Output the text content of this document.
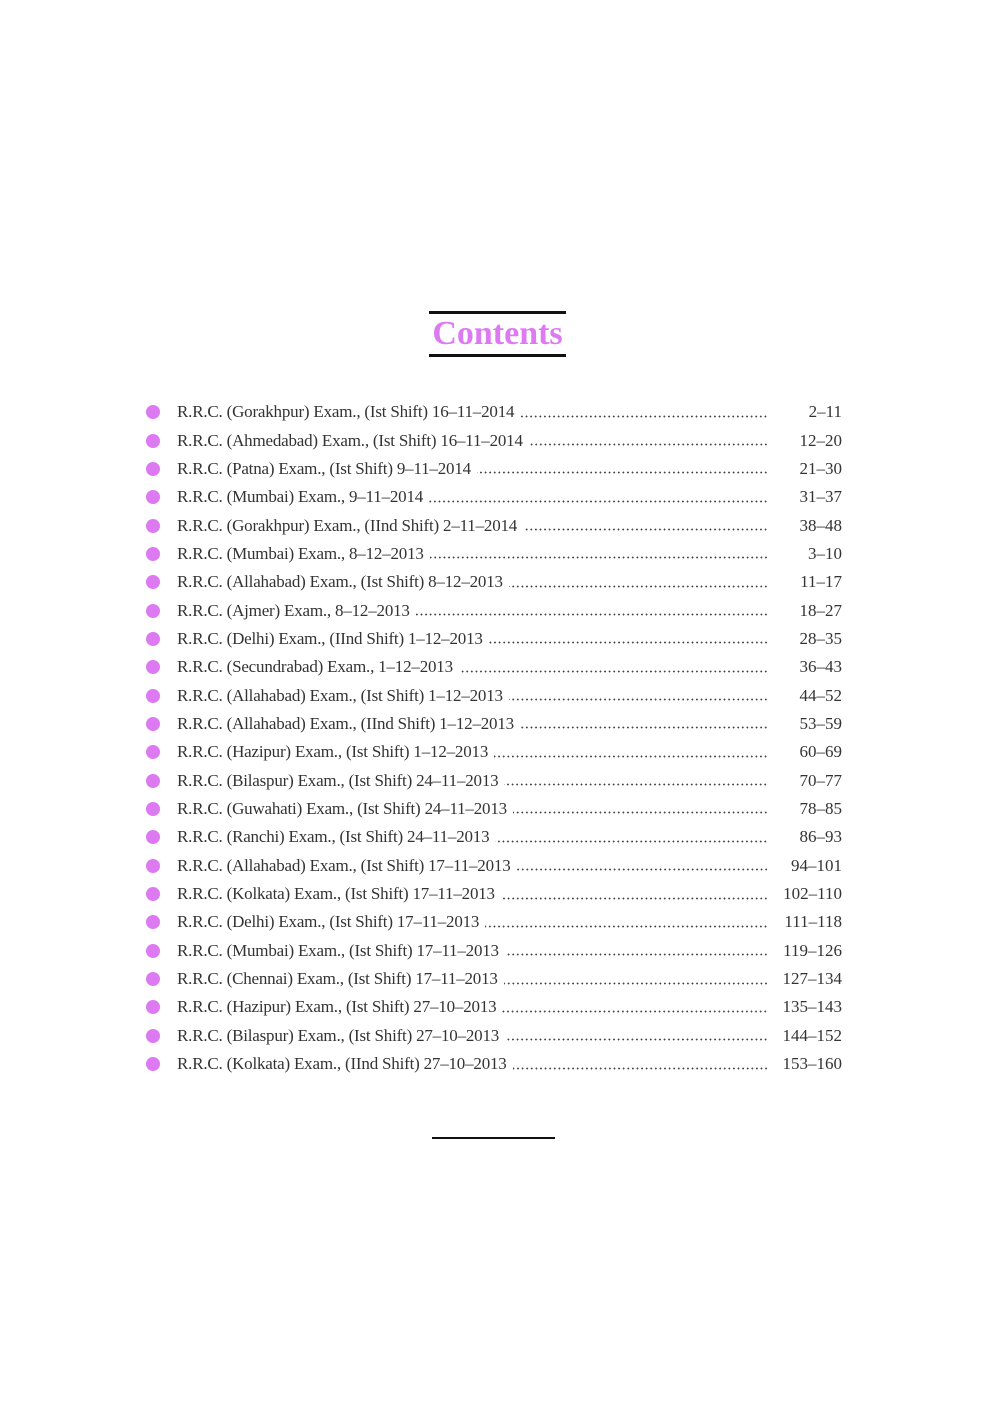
Contents
R.R.C. (Gorakhpur) Exam., (Ist Shift) 16–11–2014	2–11
R.R.C. (Ahmedabad) Exam., (Ist Shift) 16–11–2014	12–20
R.R.C. (Patna) Exam., (Ist Shift) 9–11–2014	21–30
R.R.C. (Mumbai) Exam., 9–11–2014	31–37
R.R.C. (Gorakhpur) Exam., (IInd Shift) 2–11–2014	38–48
R.R.C. (Mumbai) Exam., 8–12–2013	3–10
R.R.C. (Allahabad) Exam., (Ist Shift) 8–12–2013	11–17
R.R.C. (Ajmer) Exam., 8–12–2013	18–27
R.R.C. (Delhi) Exam., (IInd Shift) 1–12–2013	28–35
R.R.C. (Secundrabad) Exam., 1–12–2013	36–43
R.R.C. (Allahabad) Exam., (Ist Shift) 1–12–2013	44–52
R.R.C. (Allahabad) Exam., (IInd Shift) 1–12–2013	53–59
R.R.C. (Hazipur) Exam., (Ist Shift) 1–12–2013	60–69
R.R.C. (Bilaspur) Exam., (Ist Shift) 24–11–2013	70–77
R.R.C. (Guwahati) Exam., (Ist Shift) 24–11–2013	78–85
R.R.C. (Ranchi) Exam., (Ist Shift) 24–11–2013	86–93
R.R.C. (Allahabad) Exam., (Ist Shift) 17–11–2013	94–101
R.R.C. (Kolkata) Exam., (Ist Shift) 17–11–2013	102–110
R.R.C. (Delhi) Exam., (Ist Shift) 17–11–2013	111–118
R.R.C. (Mumbai) Exam., (Ist Shift) 17–11–2013	119–126
R.R.C. (Chennai) Exam., (Ist Shift) 17–11–2013	127–134
R.R.C. (Hazipur) Exam., (Ist Shift) 27–10–2013	135–143
R.R.C. (Bilaspur) Exam., (Ist Shift) 27–10–2013	144–152
R.R.C. (Kolkata) Exam., (IInd Shift) 27–10–2013	153–160
